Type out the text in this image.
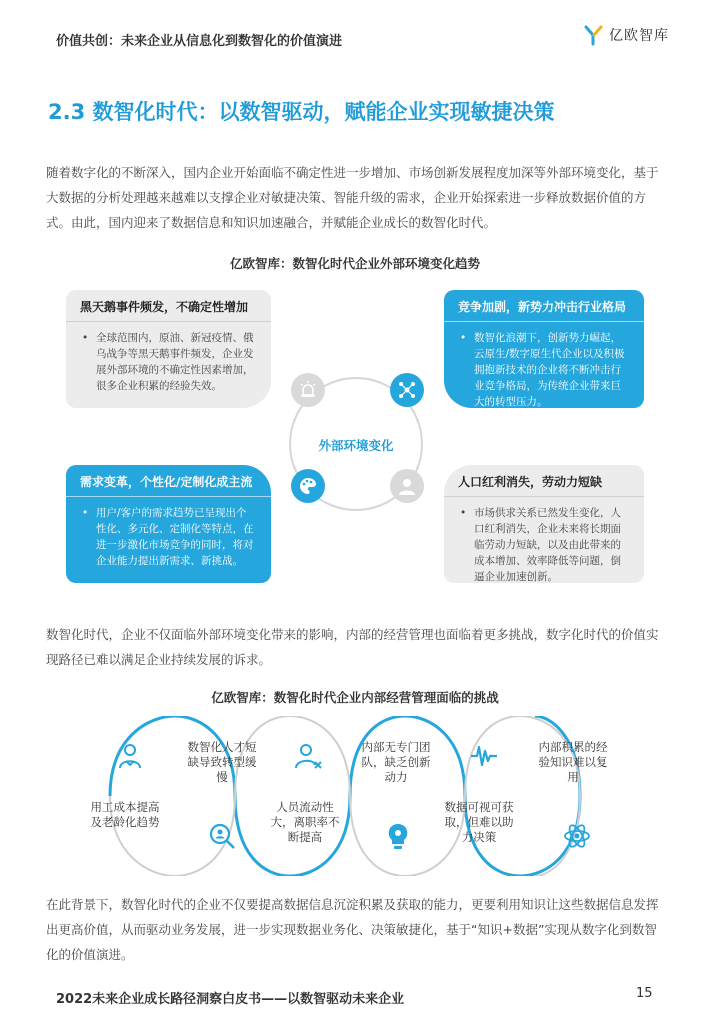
价值共创：未来企业从信息化到数智化的价值演进	亿欧智库
2.3 数智化时代：以数智驱动，赋能企业实现敏捷决策
随着数字化的不断深入，国内企业开始面临不确定性进一步增加、市场创新发展程度加深等外部环境变化，基于大数据的分析处理越来越难以支撑企业对敏捷决策、智能升级的需求，企业开始探索进一步释放数据价值的方式。由此，国内迎来了数据信息和知识加速融合，并赋能企业成长的数智化时代。
亿欧智库：数智化时代企业外部环境变化趋势
黑天鹅事件频发，不确定性增加
• 全球范围内，原油、新冠疫情、俄乌战争等黑天鹅事件频发，企业发展外部环境的不确定性因素增加，很多企业积累的经验失效。
竞争加剧，新势力冲击行业格局
• 数智化浪潮下，创新势力崛起，云原生/数字原生代企业以及积极拥抱新技术的企业将不断冲击行业竞争格局，为传统企业带来巨大的转型压力。
需求变革，个性化/定制化成主流
• 用户/客户的需求趋势已呈现出个性化、多元化、定制化等特点，在进一步激化市场竞争的同时，将对企业能力提出新需求、新挑战。
人口红利消失，劳动力短缺
• 市场供求关系已然发生变化，人口红利消失，企业未来将长期面临劳动力短缺，以及由此带来的成本增加、效率降低等问题，倒逼企业加速创新。
外部环境变化
数智化时代，企业不仅面临外部环境变化带来的影响，内部的经营管理也面临着更多挑战，数字化时代的价值实现路径已难以满足企业持续发展的诉求。
亿欧智库：数智化时代企业内部经营管理面临的挑战
用工成本提高及老龄化趋势
数智化人才短缺导致转型缓慢
人员流动性大，离职率不断提高
内部无专门团队，缺乏创新动力
数据可视可获取，但难以助力决策
内部积累的经验知识难以复用
在此背景下，数智化时代的企业不仅要提高数据信息沉淀积累及获取的能力，更要利用知识让这些数据信息发挥出更高价值，从而驱动业务发展，进一步实现数据业务化、决策敏捷化，基于“知识+数据”实现从数字化到数智化的价值演进。
2022未来企业成长路径洞察白皮书——以数智驱动未来企业	15
